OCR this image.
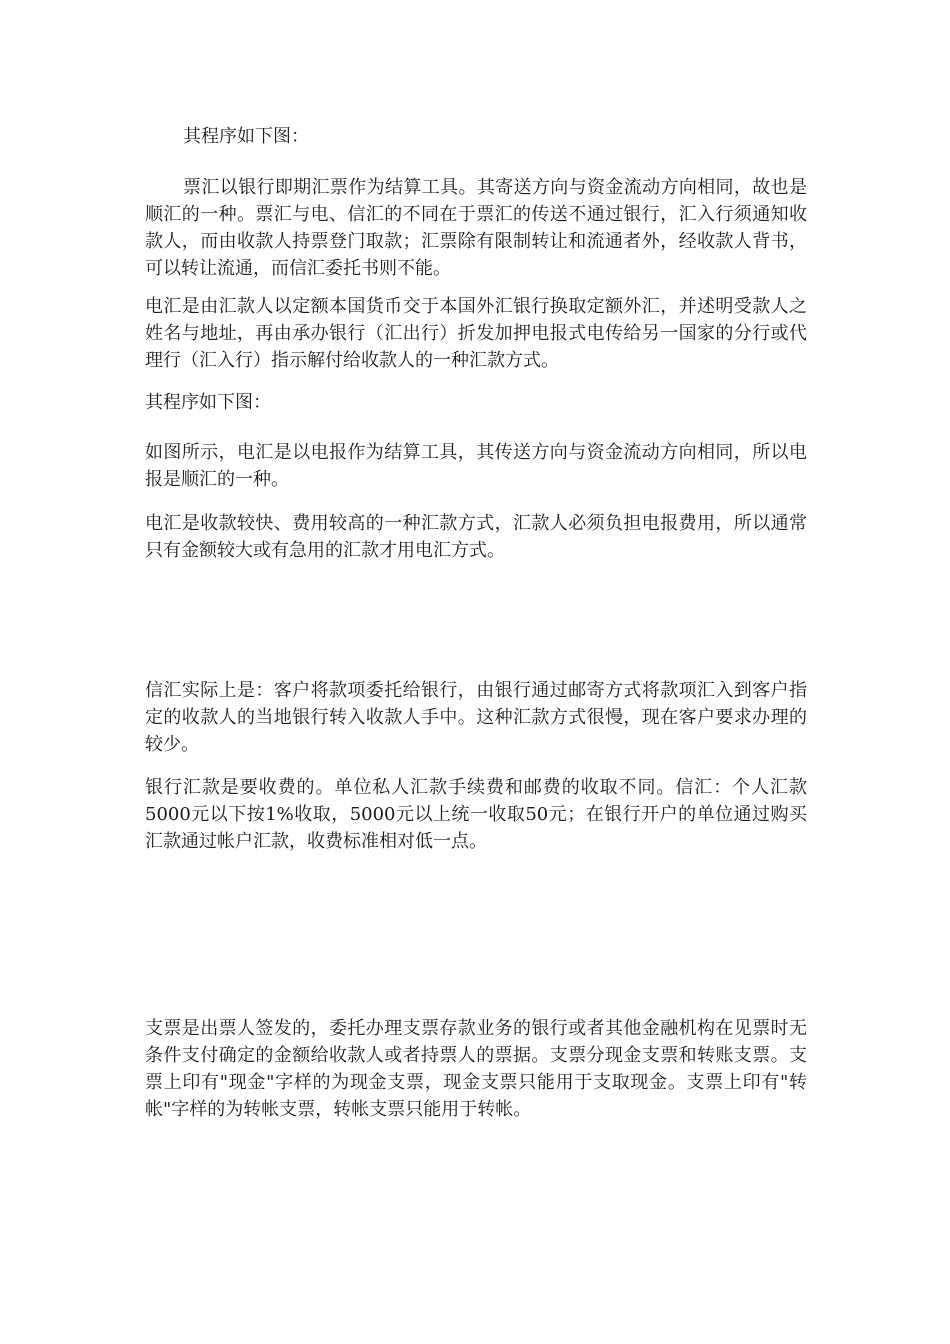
其程序如下图：

票汇以银行即期汇票作为结算工具。其寄送方向与资金流动方向相同，故也是顺汇的一种。票汇与电、信汇的不同在于票汇的传送不通过银行，汇入行须通知收款人，而由收款人持票登门取款；汇票除有限制转让和流通者外，经收款人背书，可以转让流通，而信汇委托书则不能。

电汇是由汇款人以定额本国货币交于本国外汇银行换取定额外汇，并述明受款人之姓名与地址，再由承办银行（汇出行）折发加押电报式电传给另一国家的分行或代理行（汇入行）指示解付给收款人的一种汇款方式。

其程序如下图：

如图所示，电汇是以电报作为结算工具，其传送方向与资金流动方向相同，所以电报是顺汇的一种。

电汇是收款较快、费用较高的一种汇款方式，汇款人必须负担电报费用，所以通常只有金额较大或有急用的汇款才用电汇方式。

信汇实际上是：客户将款项委托给银行，由银行通过邮寄方式将款项汇入到客户指定的收款人的当地银行转入收款人手中。这种汇款方式很慢，现在客户要求办理的较少。

银行汇款是要收费的。单位私人汇款手续费和邮费的收取不同。信汇：个人汇款5000元以下按1%收取，5000元以上统一收取50元；在银行开户的单位通过购买汇款通过帐户汇款，收费标准相对低一点。

支票是出票人签发的，委托办理支票存款业务的银行或者其他金融机构在见票时无条件支付确定的金额给收款人或者持票人的票据。支票分现金支票和转账支票。支票上印有"现金"字样的为现金支票，现金支票只能用于支取现金。支票上印有"转帐"字样的为转帐支票，转帐支票只能用于转帐。
